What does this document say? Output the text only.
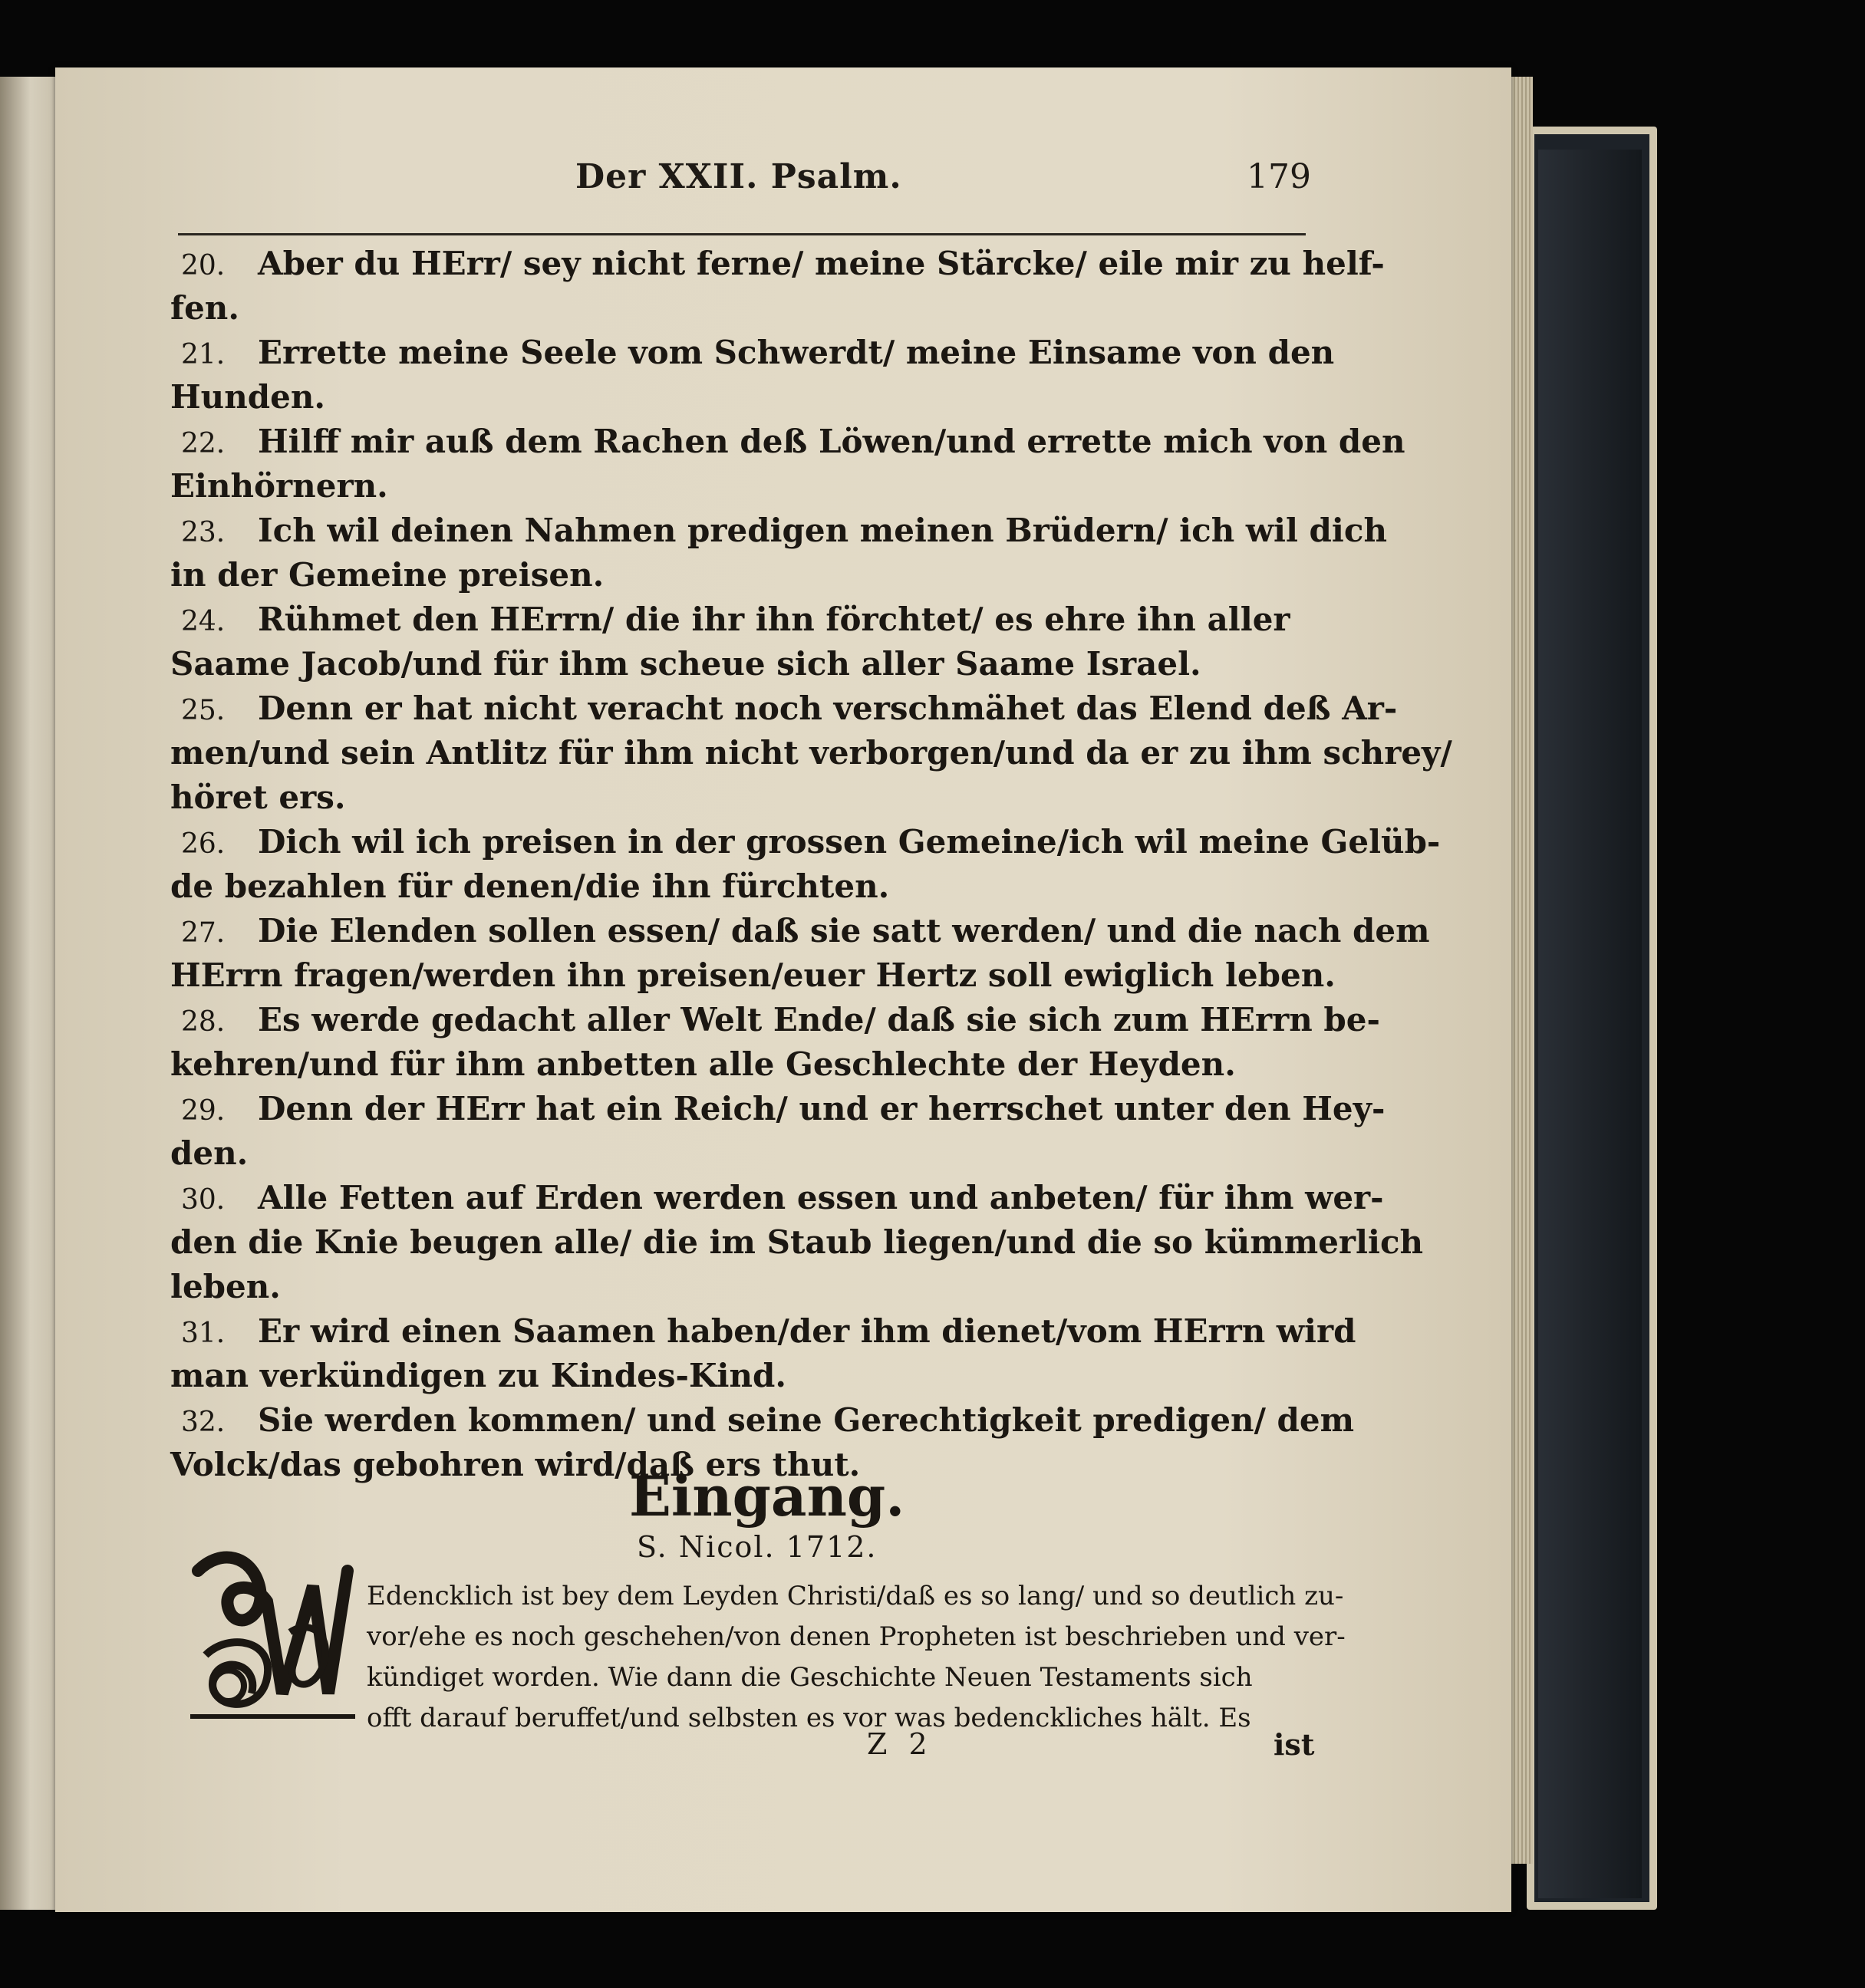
Der XXII. Psalm.	179
20. Aber du HErr/ sey nicht ferne/ meine Stärcke/ eile mir zu helf-
fen.
21. Errette meine Seele vom Schwerdt/ meine Einsame von den
Hunden.
22. Hilff mir auß dem Rachen deß Löwen/und errette mich von den
Einhörnern.
23. Ich wil deinen Nahmen predigen meinen Brüdern/ ich wil dich
in der Gemeine preisen.
24. Rühmet den HErrn/ die ihr ihn förchtet/ es ehre ihn aller
Saame Jacob/und für ihm scheue sich aller Saame Israel.
25. Denn er hat nicht veracht noch verschmähet das Elend deß Ar-
men/und sein Antlitz für ihm nicht verborgen/und da er zu ihm schrey/
höret ers.
26. Dich wil ich preisen in der grossen Gemeine/ich wil meine Gelüb-
de bezahlen für denen/die ihn fürchten.
27. Die Elenden sollen essen/ daß sie satt werden/ und die nach dem
HErrn fragen/werden ihn preisen/euer Hertz soll ewiglich leben.
28. Es werde gedacht aller Welt Ende/ daß sie sich zum HErrn be-
kehren/und für ihm anbetten alle Geschlechte der Heyden.
29. Denn der HErr hat ein Reich/ und er herrschet unter den Hey-
den.
30. Alle Fetten auf Erden werden essen und anbeten/ für ihm wer-
den die Knie beugen alle/ die im Staub liegen/und die so kümmerlich
leben.
31. Er wird einen Saamen haben/der ihm dienet/vom HErrn wird
man verkündigen zu Kindes-Kind.
32. Sie werden kommen/ und seine Gerechtigkeit predigen/ dem
Volck/das gebohren wird/daß ers thut.
Eingang.
S. Nicol. 1712.
Edencklich ist bey dem Leyden Christi/daß es so lang/ und so deutlich zu-
vor/ehe es noch geschehen/von denen Propheten ist beschrieben und ver-
kündiget worden. Wie dann die Geschichte Neuen Testaments sich
offt darauf beruffet/und selbsten es vor was bedenckliches hält. Es
Z 2	ist
